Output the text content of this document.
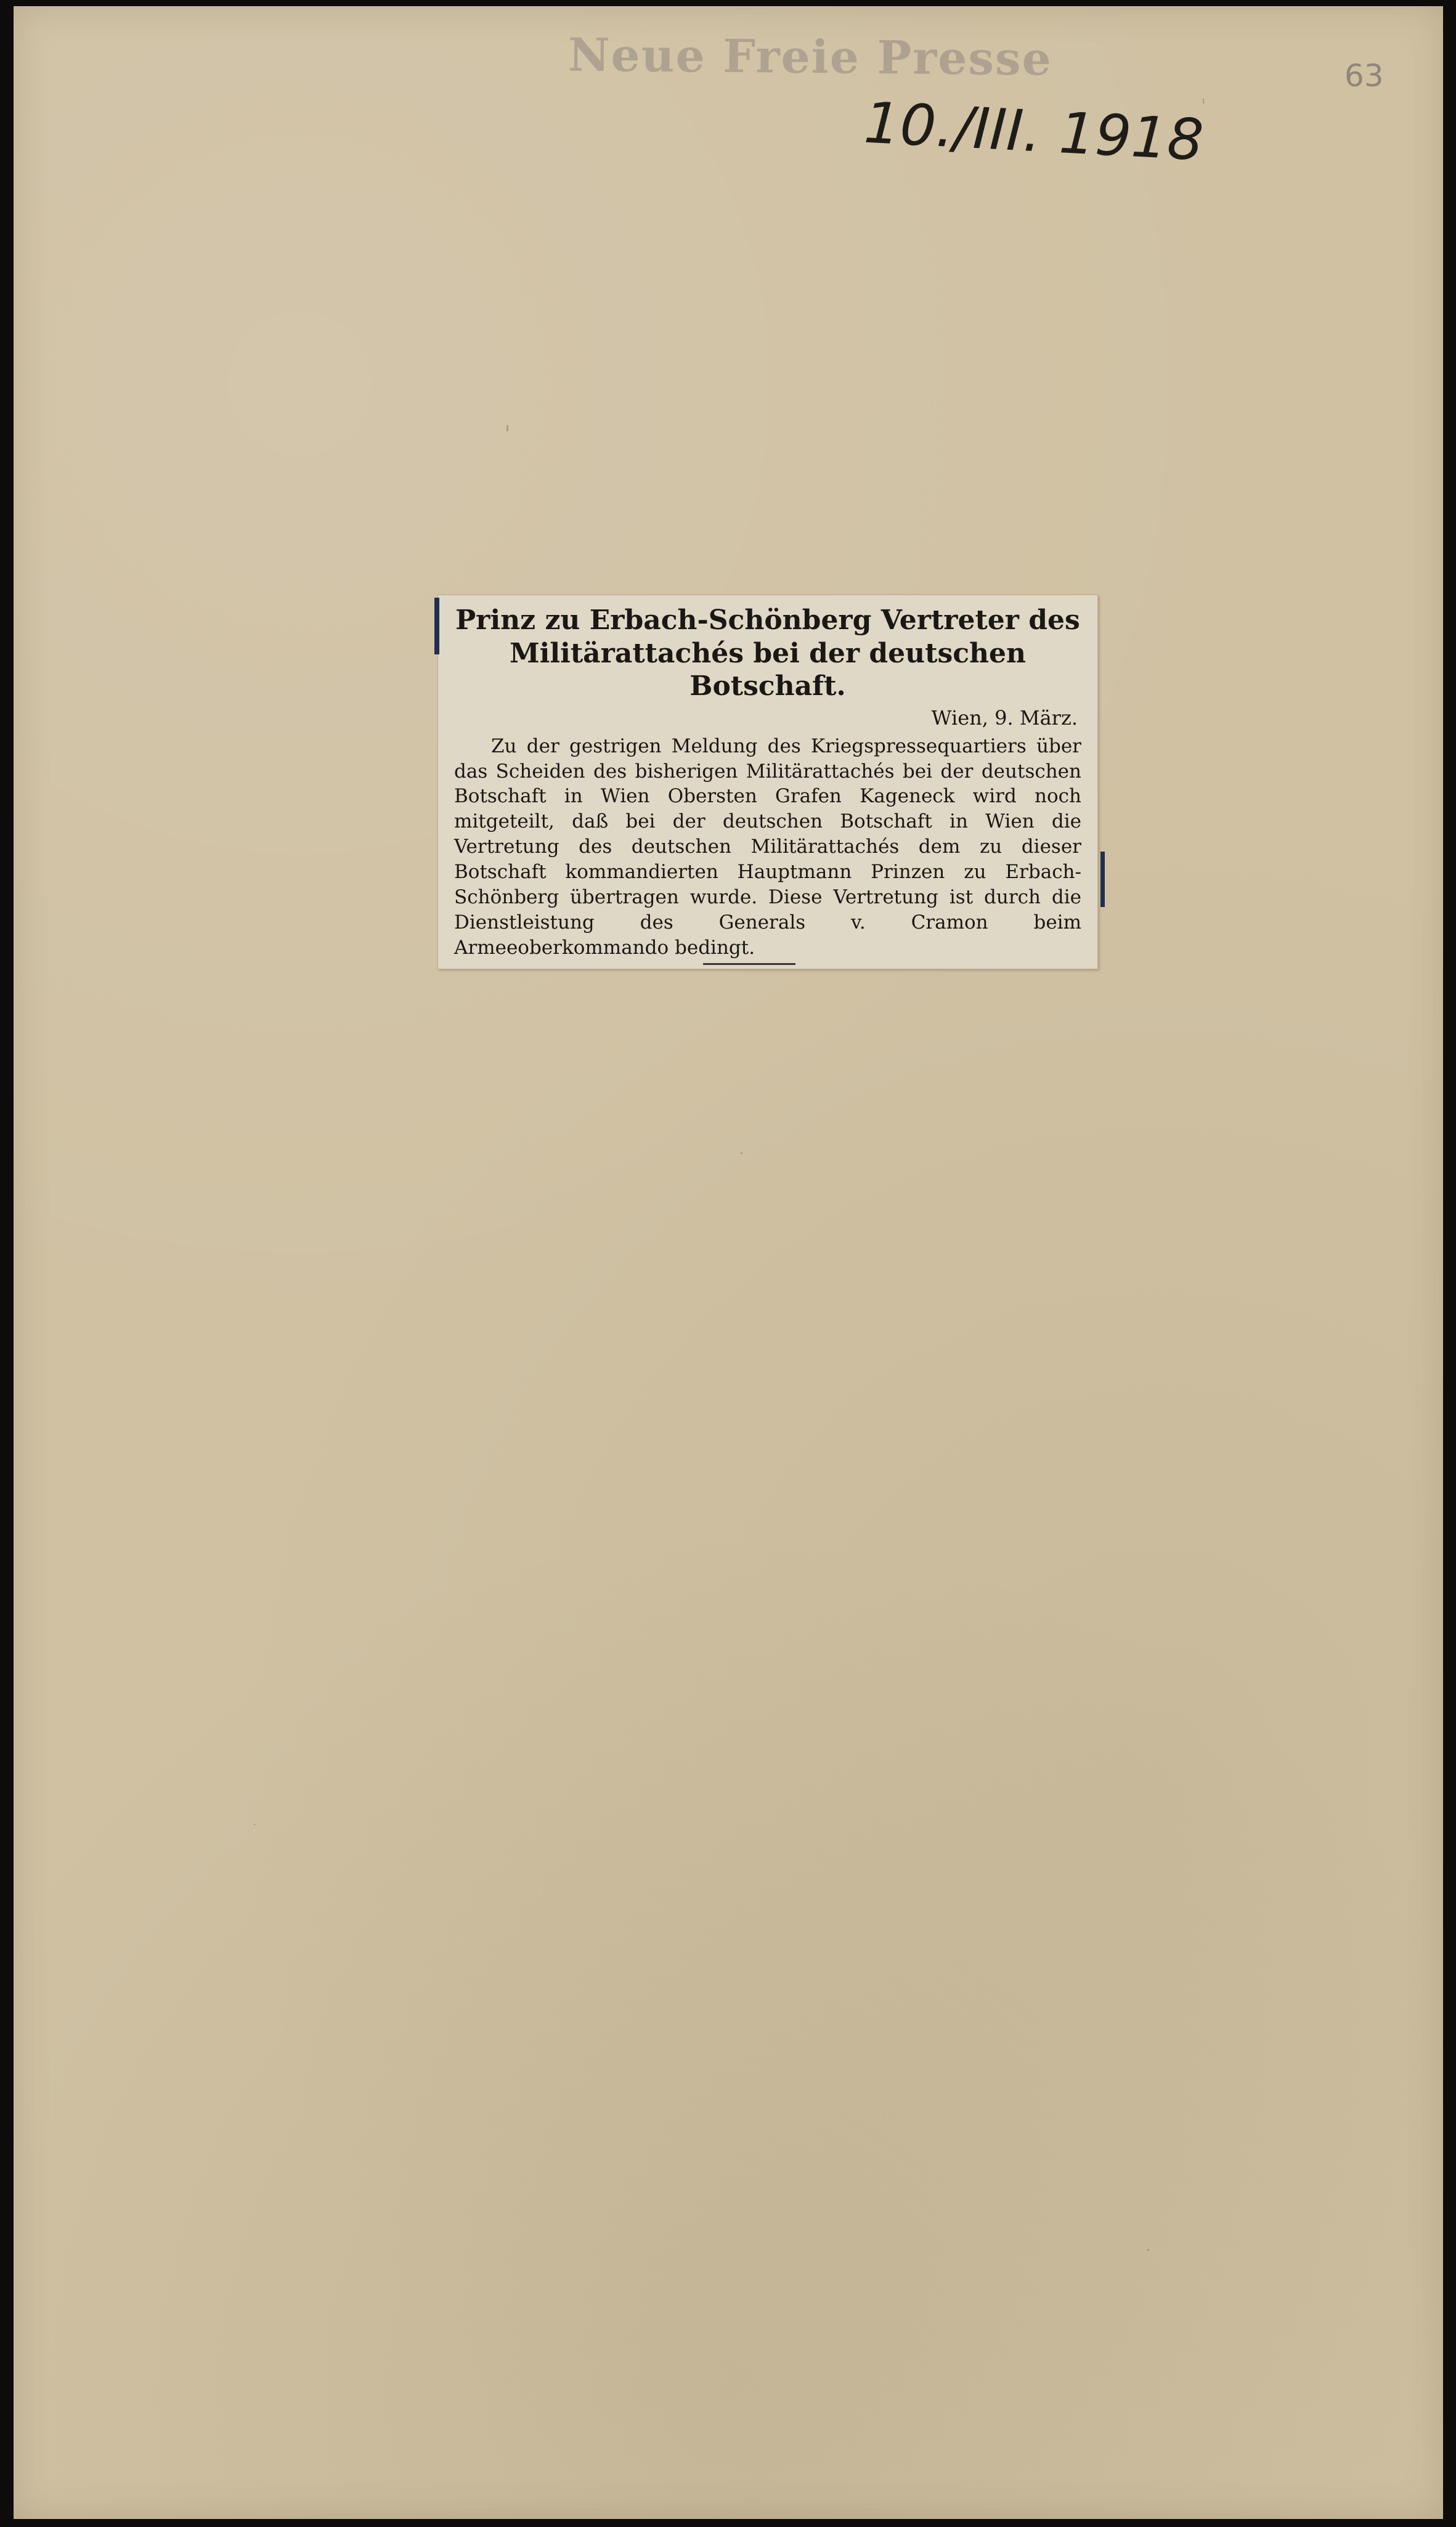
Neue Freie Presse
10./III. 1918
63

Prinz zu Erbach-Schönberg Vertreter des Militärattachés bei der deutschen Botschaft.

Wien, 9. März.

Zu der gestrigen Meldung des Kriegspressequartiers über das Scheiden des bisherigen Militärattachés bei der deutschen Botschaft in Wien Obersten Grafen Kageneck wird noch mitgeteilt, daß bei der deutschen Botschaft in Wien die Vertretung des deutschen Militärattachés dem zu dieser Botschaft kommandierten Hauptmann Prinzen zu Erbach-Schönberg übertragen wurde. Diese Vertretung ist durch die Dienstleistung des Generals v. Cramon beim Armeeoberkommando bedingt.
